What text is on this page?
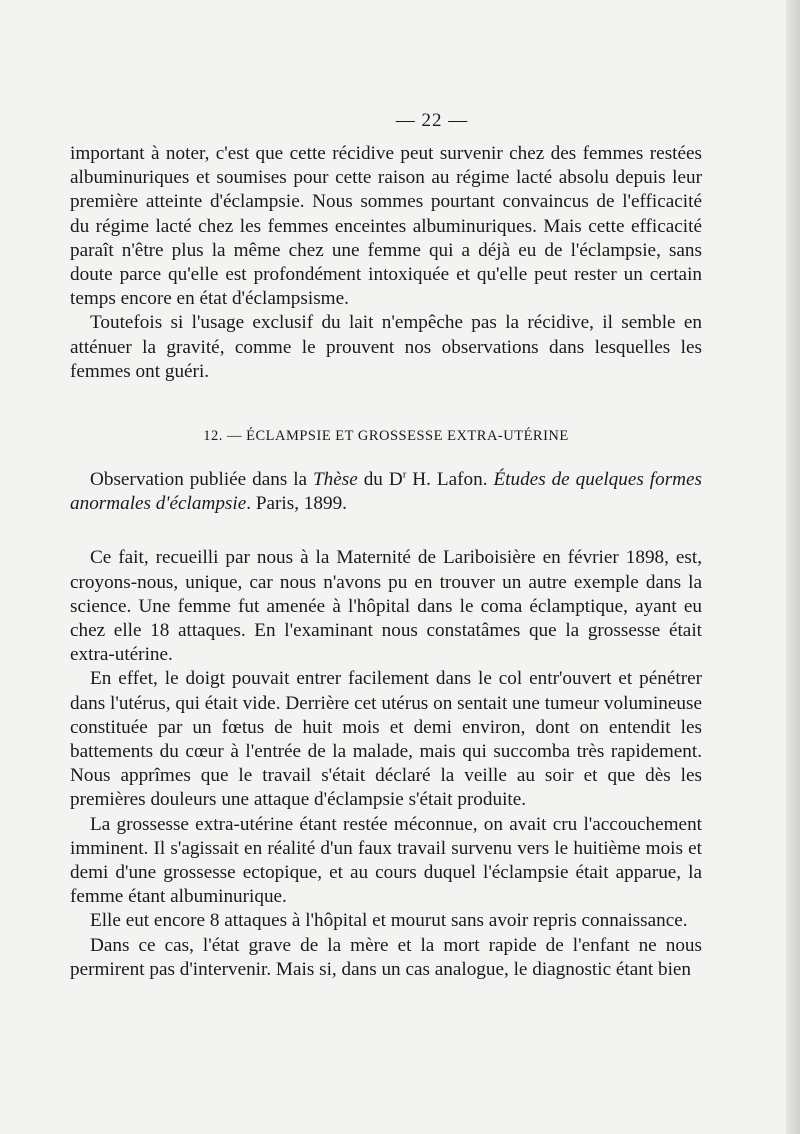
— 22 —

important à noter, c'est que cette récidive peut survenir chez des femmes restées albuminuriques et soumises pour cette raison au régime lacté absolu depuis leur première atteinte d'éclampsie. Nous sommes pourtant convaincus de l'efficacité du régime lacté chez les femmes enceintes albuminuriques. Mais cette efficacité paraît n'être plus la même chez une femme qui a déjà eu de l'éclampsie, sans doute parce qu'elle est profondément intoxiquée et qu'elle peut rester un certain temps encore en état d'éclampsisme.

Toutefois si l'usage exclusif du lait n'empêche pas la récidive, il semble en atténuer la gravité, comme le prouvent nos observations dans lesquelles les femmes ont guéri.

12. — ÉCLAMPSIE ET GROSSESSE EXTRA-UTÉRINE

Observation publiée dans la Thèse du $D^r$ H. Lafon. Études de quelques formes anormales d'éclampsie. Paris, 1899.

Ce fait, recueilli par nous à la Maternité de Lariboisière en février 1898, est, croyons-nous, unique, car nous n'avons pu en trouver un autre exemple dans la science. Une femme fut amenée à l'hôpital dans le coma éclamptique, ayant eu chez elle 18 attaques. En l'examinant nous constatâmes que la grossesse était extra-utérine.

En effet, le doigt pouvait entrer facilement dans le col entr'ouvert et pénétrer dans l'utérus, qui était vide. Derrière cet utérus on sentait une tumeur volumineuse constituée par un fœtus de huit mois et demi environ, dont on entendit les battements du cœur à l'entrée de la malade, mais qui succomba très rapidement. Nous apprîmes que le travail s'était déclaré la veille au soir et que dès les premières douleurs une attaque d'éclampsie s'était produite.

La grossesse extra-utérine étant restée méconnue, on avait cru l'accouchement imminent. Il s'agissait en réalité d'un faux travail survenu vers le huitième mois et demi d'une grossesse ectopique, et au cours duquel l'éclampsie était apparue, la femme étant albuminurique.

Elle eut encore 8 attaques à l'hôpital et mourut sans avoir repris connaissance.

Dans ce cas, l'état grave de la mère et la mort rapide de l'enfant ne nous permirent pas d'intervenir. Mais si, dans un cas analogue, le diagnostic étant bien
